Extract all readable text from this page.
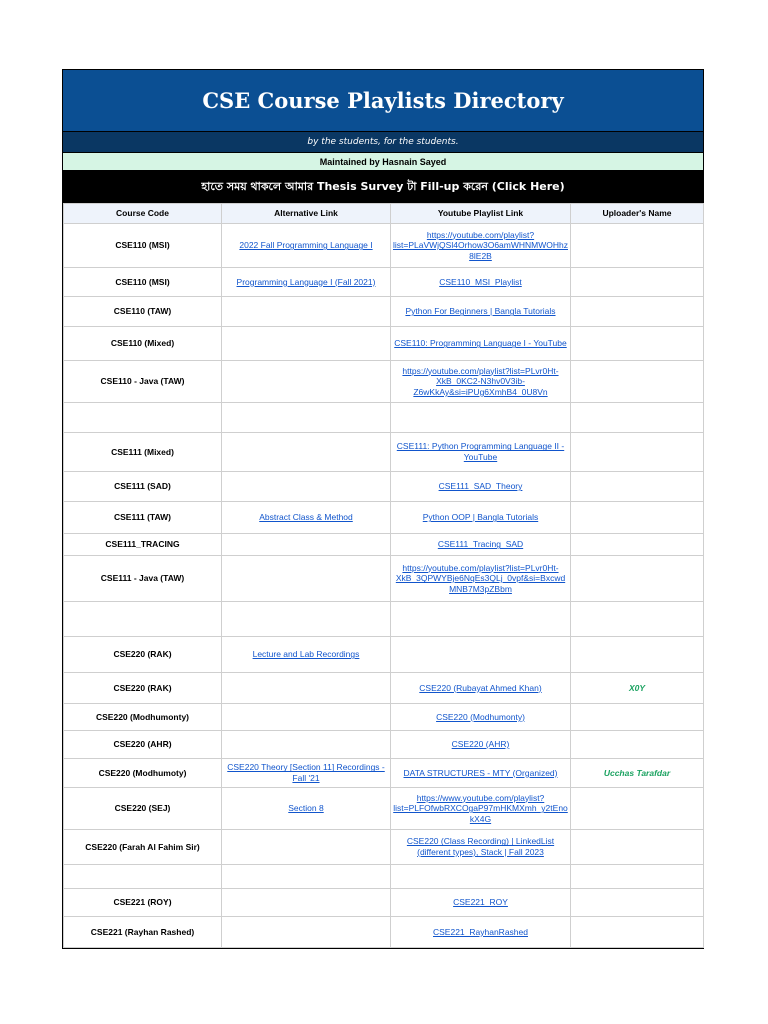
CSE Course Playlists Directory
by the students, for the students.
Maintained by Hasnain Sayed
হাতে সময় থাকলে আমার Thesis Survey টা Fill-up করেন (Click Here)
Course Code	Alternative Link	Youtube Playlist Link	Uploader's Name
CSE110 (MSI)	2022 Fall Programming Language I	https://youtube.com/playlist?list=PLaVWjQSl4Orhow3O6amWHNMWOHhz8lE2B	
CSE110 (MSI)	Programming Language I (Fall 2021)	CSE110_MSI_Playlist	
CSE110 (TAW)		Python For Beginners | Bangla Tutorials	
CSE110 (Mixed)		CSE110: Programming Language I - YouTube	
CSE110 - Java (TAW)		https://youtube.com/playlist?list=PLvr0Ht-XkB_0KC2-N3hv0V3ib-Z6wKkAy&si=iPUg6XmhB4_0U8Vn	

CSE111 (Mixed)		CSE111: Python Programming Language II - YouTube	
CSE111 (SAD)		CSE111_SAD_Theory	
CSE111 (TAW)	Abstract Class & Method	Python OOP | Bangla Tutorials	
CSE111_TRACING		CSE111_Tracing_SAD	
CSE111 - Java (TAW)		https://youtube.com/playlist?list=PLvr0Ht-XkB_3QPWYBje6NqEs3QLj_0vpf&si=BxcwdMNB7M3pZBbm	

CSE220 (RAK)	Lecture and Lab Recordings		
CSE220 (RAK)		CSE220 (Rubayat Ahmed Khan)	X0Y
CSE220 (Modhumonty)		CSE220 (Modhumonty)	
CSE220 (AHR)		CSE220 (AHR)	
CSE220 (Modhumoty)	CSE220 Theory [Section 11] Recordings - Fall '21	DATA STRUCTURES - MTY (Organized)	Ucchas Tarafdar
CSE220 (SEJ)	Section 8	https://www.youtube.com/playlist?list=PLFOfwbRXCOgaP97mHKMXmh_y2tEnokX4G	
CSE220 (Farah Al Fahim Sir)		CSE220 (Class Recording) | LinkedList (different types), Stack | Fall 2023	

CSE221 (ROY)		CSE221_ROY	
CSE221 (Rayhan Rashed)		CSE221_RayhanRashed	
